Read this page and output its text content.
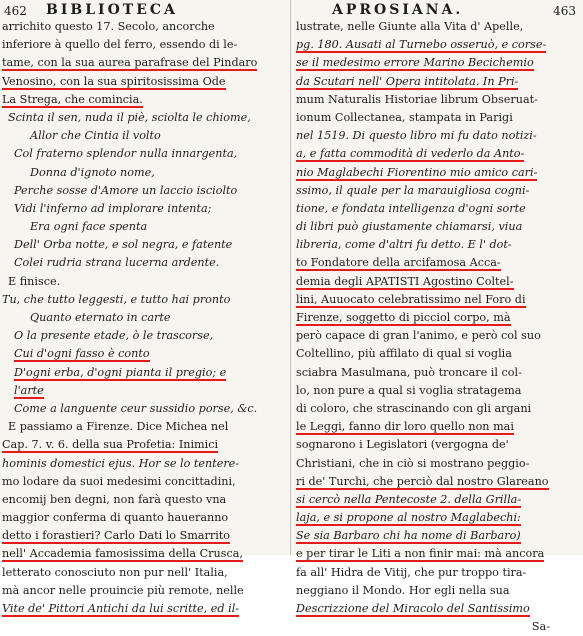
462 BIBLIOTECA
arrichito questo 17. Secolo, ancorche
inferiore à quello del ferro, essendo di le-
tame, con la sua aurea parafrase del Pindaro
Venosino, con la sua spiritosissima Ode
La Strega, che comincia.
Scinta il sen, nuda il piè, sciolta le chiome,
Allor che Cintia il volto
Col fraterno splendor nulla innargenta,
Donna d'ignoto nome,
Perche sosse d'Amore un laccio isciolto
Vidi l'inferno ad implorare intenta;
Era ogni face spenta
Dell' Orba notte, e sol negra, e fatente
Colei rudria strana lucerna ardente.
E finisce.
Tu, che tutto leggesti, e tutto hai pronto
Quanto eternato in carte
O la presente etade, ò le trascorse,
Cui d'ogni fasso è conto
D'ogni erba, d'ogni pianta il pregio; e
l'arte
Come a languente ceur sussidio porse, &c.
E passiamo a Firenze. Dice Michea nel
Cap. 7. v. 6. della sua Profetia: Inimici
hominis domestici ejus. Hor se lo tentere-
mo lodare da suoi medesimi concittadini,
encomij ben degni, non farà questo vna
maggior conferma di quanto haueranno
detto i forastieri? Carlo Dati lo Smarrito
nell' Accademia famosissima della Crusca,
letterato conosciuto non pur nell' Italia,
mà ancor nelle prouincie più remote, nelle
Vite de' Pittori Antichi da lui scritte, ed il-
APROSIANA.	463
lustrate, nelle Giunte alla Vita d' Apelle,
pg. 180. Ausati al Turnebo osseruò, e corse-
se il medesimo errore Marino Becichemio
da Scutari nell' Opera intitolata. In Pri-
mum Naturalis Historiae librum Obseruat-
ionum Collectanea, stampata in Parigi
nel 1519. Di questo libro mi fu dato notizi-
a, e fatta commodità di vederlo da Anto-
nio Maglabechi Fiorentino mio amico cari-
ssimo, il quale per la marauigliosa cogni-
tione, e fondata intelligenza d'ogni sorte
di libri può giustamente chiamarsi, viua
libreria, come d'altri fu detto. E l' dot-
to Fondatore della arcifamosa Acca-
demia degli APATISTI Agostino Coltel-
lini, Auuocato celebratissimo nel Foro di
Firenze, soggetto di picciol corpo, mà
però capace di gran l'animo, e però col suo
Coltellino, più affilato di qual si voglia
sciabra Masulmana, può troncare il col-
lo, non pure a qual si voglia stratagema
di coloro, che strascinando con gli argani
le Leggi, fanno dir loro quello non mai
sognarono i Legislatori (vergogna de'
Christiani, che in ciò si mostrano peggio-
ri de' Turchi, che perciò dal nostro Glareano
si cercò nella Pentecoste 2. della Grilla-
laja, e si propone al nostro Maglabechi:
Se sia Barbaro chi ha nome di Barbaro)
e per tirar le Liti a non finir mai: mà ancora
fa all' Hidra de Vitij, che pur troppo tira-
neggiano il Mondo. Hor egli nella sua
Descrizzione del Miracolo del Santissimo
Sa-
